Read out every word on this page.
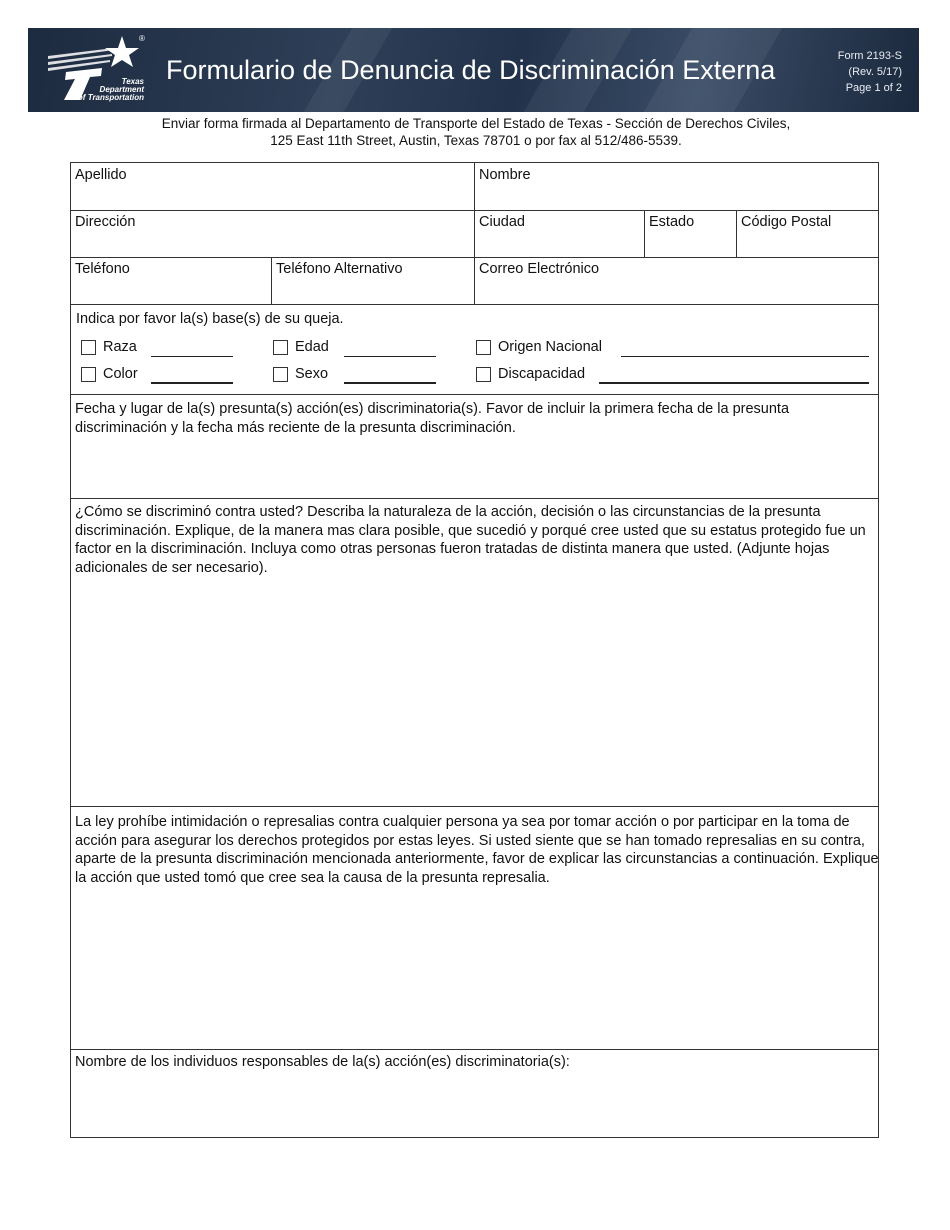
®
Texas
Department
of Transportation
Formulario de Denuncia de Discriminación Externa	Form 2193-S
(Rev. 5/17)
Page 1 of 2
Enviar forma firmada al Departamento de Transporte del Estado de Texas - Sección de Derechos Civiles,
125 East 11th Street, Austin, Texas 78701 o por fax al 512/486-5539.
Apellido	Nombre
Dirección	Ciudad	Estado	Código Postal
Teléfono	Teléfono Alternativo	Correo Electrónico
Indica por favor la(s) base(s) de su queja.
Raza	Edad	Origen Nacional
Color	Sexo	Discapacidad
Fecha y lugar de la(s) presunta(s) acción(es) discriminatoria(s). Favor de incluir la primera fecha de la presunta discriminación y la fecha más reciente de la presunta discriminación.
¿Cómo se discriminó contra usted? Describa la naturaleza de la acción, decisión o las circunstancias de la presunta discriminación. Explique, de la manera mas clara posible, que sucedió y porqué cree usted que su estatus protegido fue un factor en la discriminación. Incluya como otras personas fueron tratadas de distinta manera que usted. (Adjunte hojas adicionales de ser necesario).
La ley prohíbe intimidación o represalias contra cualquier persona ya sea por tomar acción o por participar en la toma de acción para asegurar los derechos protegidos por estas leyes. Si usted siente que se han tomado represalias en su contra, aparte de la presunta discriminación mencionada anteriormente, favor de explicar las circunstancias a continuación. Explique la acción que usted tomó que cree sea la causa de la presunta represalia.
Nombre de los individuos responsables de la(s) acción(es) discriminatoria(s):
